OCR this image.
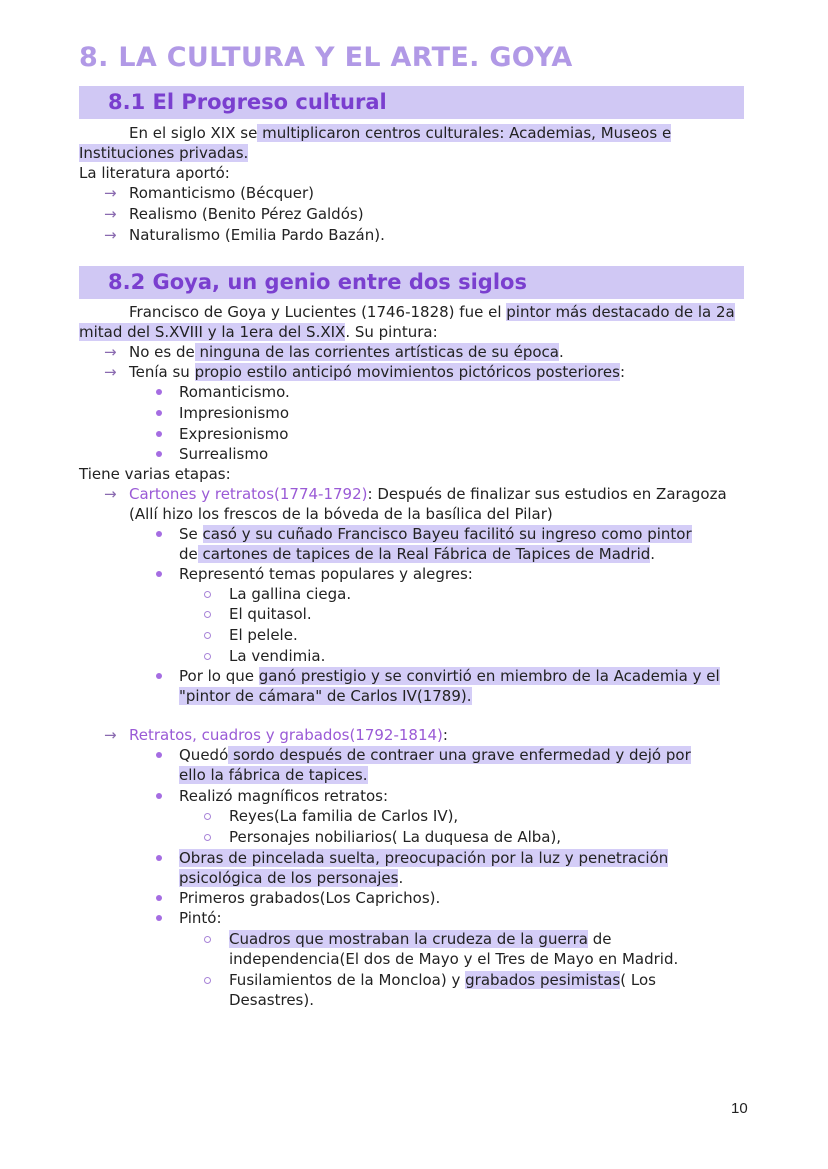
8. LA CULTURA Y EL ARTE. GOYA
8.1 El Progreso cultural
En el siglo XIX se multiplicaron centros culturales: Academias, Museos e
Instituciones privadas.
La literatura aportó:
→ Romanticismo (Bécquer)
→ Realismo (Benito Pérez Galdós)
→ Naturalismo (Emilia Pardo Bazán).
8.2 Goya, un genio entre dos siglos
Francisco de Goya y Lucientes (1746-1828) fue el pintor más destacado de la 2a
mitad del S.XVIII y la 1era del S.XIX. Su pintura:
→ No es de ninguna de las corrientes artísticas de su época.
→ Tenía su propio estilo anticipó movimientos pictóricos posteriores:
Romanticismo.
Impresionismo
Expresionismo
Surrealismo
Tiene varias etapas:
→ Cartones y retratos(1774-1792): Después de finalizar sus estudios en Zaragoza
(Allí hizo los frescos de la bóveda de la basílica del Pilar)
Se casó y su cuñado Francisco Bayeu facilitó su ingreso como pintor
de cartones de tapices de la Real Fábrica de Tapices de Madrid.
Representó temas populares y alegres:
La gallina ciega.
El quitasol.
El pelele.
La vendimia.
Por lo que ganó prestigio y se convirtió en miembro de la Academia y el
"pintor de cámara" de Carlos IV(1789).
→ Retratos, cuadros y grabados(1792-1814):
Quedó sordo después de contraer una grave enfermedad y dejó por
ello la fábrica de tapices.
Realizó magníficos retratos:
Reyes(La familia de Carlos IV),
Personajes nobiliarios( La duquesa de Alba),
Obras de pincelada suelta, preocupación por la luz y penetración
psicológica de los personajes.
Primeros grabados(Los Caprichos).
Pintó:
Cuadros que mostraban la crudeza de la guerra de
independencia(El dos de Mayo y el Tres de Mayo en Madrid.
Fusilamientos de la Moncloa) y grabados pesimistas( Los
Desastres).
10
